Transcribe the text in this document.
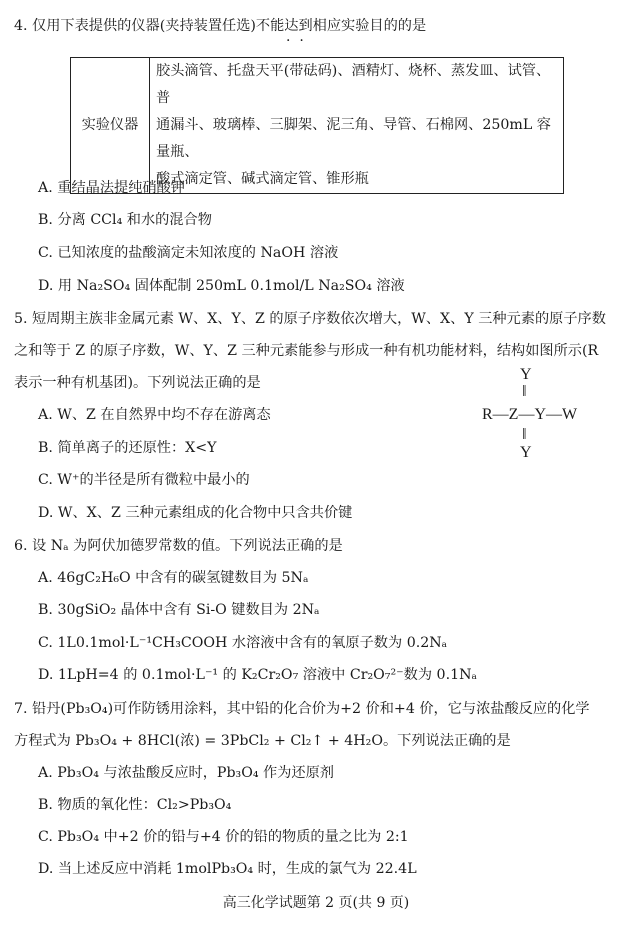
4. 仅用下表提供的仪器(夹持装置任选)不能达到相应实验目的的是
·  ·
实验仪器	
胶头滴管、托盘天平(带砝码)、酒精灯、烧杯、蒸发皿、试管、普
通漏斗、玻璃棒、三脚架、泥三角、导管、石棉网、250mL 容量瓶、
酸式滴定管、碱式滴定管、锥形瓶
A. 重结晶法提纯硝酸钾
B. 分离 CCl₄ 和水的混合物
C. 已知浓度的盐酸滴定未知浓度的 NaOH 溶液
D. 用 Na₂SO₄ 固体配制 250mL 0.1mol/L Na₂SO₄ 溶液
5. 短周期主族非金属元素 W、X、Y、Z 的原子序数依次增大，W、X、Y 三种元素的原子序数
之和等于 Z 的原子序数，W、Y、Z 三种元素能参与形成一种有机功能材料，结构如图所示(R
表示一种有机基团)。下列说法正确的是
A. W、Z 在自然界中均不存在游离态
B. 简单离子的还原性：X<Y
C. W⁺的半径是所有微粒中最小的
D. W、X、Z 三种元素组成的化合物中只含共价键
Y
‖
R—Z—Y—W
‖
Y
6. 设 Nₐ 为阿伏加德罗常数的值。下列说法正确的是
A. 46gC₂H₆O 中含有的碳氢键数目为 5Nₐ
B. 30gSiO₂ 晶体中含有 Si-O 键数目为 2Nₐ
C. 1L0.1mol·L⁻¹CH₃COOH 水溶液中含有的氧原子数为 0.2Nₐ
D. 1LpH=4 的 0.1mol·L⁻¹ 的 K₂Cr₂O₇ 溶液中 Cr₂O₇²⁻数为 0.1Nₐ
7. 铅丹(Pb₃O₄)可作防锈用涂料，其中铅的化合价为+2 价和+4 价，它与浓盐酸反应的化学
方程式为 Pb₃O₄ + 8HCl(浓) = 3PbCl₂ + Cl₂↑ + 4H₂O。下列说法正确的是
A. Pb₃O₄ 与浓盐酸反应时，Pb₃O₄ 作为还原剂
B. 物质的氧化性：Cl₂>Pb₃O₄
C. Pb₃O₄ 中+2 价的铅与+4 价的铅的物质的量之比为 2:1
D. 当上述反应中消耗 1molPb₃O₄ 时，生成的氯气为 22.4L
高三化学试题第 2 页(共 9 页)
